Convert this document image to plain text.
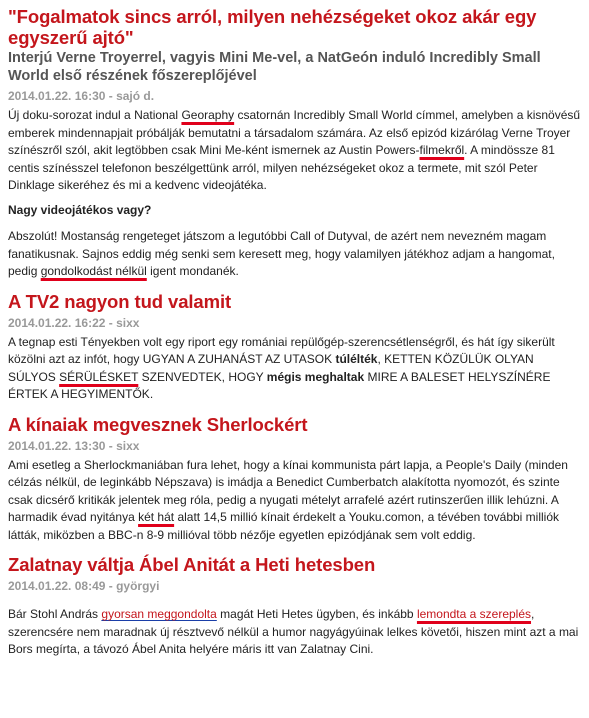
"Fogalmatok sincs arról, milyen nehézségeket okoz akár egy egyszerű ajtó"
Interjú Verne Troyerrel, vagyis Mini Me-vel, a NatGeón induló Incredibly Small World első részének főszereplőjével
2014.01.22. 16:30 - sajó d.

Új doku-sorozat indul a National Georaphy csatornán Incredibly Small World címmel, amelyben a kisnövésű emberek mindennapjait próbálják bemutatni a társadalom számára. Az első epizód kizárólag Verne Troyer színészről szól, akit legtöbben csak Mini Me-ként ismernek az Austin Powers-filmekről. A mindössze 81 centis színésszel telefonon beszélgettünk arról, milyen nehézségeket okoz a termete, mit szól Peter Dinklage sikeréhez és mi a kedvenc videojátéka.

Nagy videojátékos vagy?

Abszolút! Mostanság rengeteget játszom a legutóbbi Call of Dutyval, de azért nem nevezném magam fanatikusnak. Sajnos eddig még senki sem keresett meg, hogy valamilyen játékhoz adjam a hangomat, pedig gondolkodást nélkül igent mondanék.

A TV2 nagyon tud valamit
2014.01.22. 16:22 - sixx

A tegnap esti Tényekben volt egy riport egy romániai repülőgép-szerencsétlenségről, és hát így sikerült közölni azt az infót, hogy UGYAN A ZUHANÁST AZ UTASOK túlélték, KETTEN KÖZÜLÜK OLYAN SÚLYOS SÉRÜLÉSKET SZENVEDTEK, HOGY mégis meghaltak MIRE A BALESET HELYSZÍNÉRE ÉRTEK A HEGYIMENTŐK.

A kínaiak megvesznek Sherlockért
2014.01.22. 13:30 - sixx

Ami esetleg a Sherlockmaniában fura lehet, hogy a kínai kommunista párt lapja, a People's Daily (minden célzás nélkül, de leginkább Népszava) is imádja a Benedict Cumberbatch alakította nyomozót, és szinte csak dicsérő kritikák jelentek meg róla, pedig a nyugati mételyt arrafelé azért rutinszerűen illik lehúzni. A harmadik évad nyitánya két hát alatt 14,5 millió kínait érdekelt a Youku.comon, a tévében további milliók látták, miközben a BBC-n 8-9 millióval több nézője egyetlen epizódjának sem volt eddig.

Zalatnay váltja Ábel Anitát a Heti hetesben
2014.01.22. 08:49 - györgyi

Bár Stohl András gyorsan meggondolta magát Heti Hetes ügyben, és inkább lemondta a szereplés, szerencsére nem maradnak új résztvevő nélkül a humor nagyágyúinak lelkes követői, hiszen mint azt a mai Bors megírta, a távozó Ábel Anita helyére máris itt van Zalatnay Cini.
